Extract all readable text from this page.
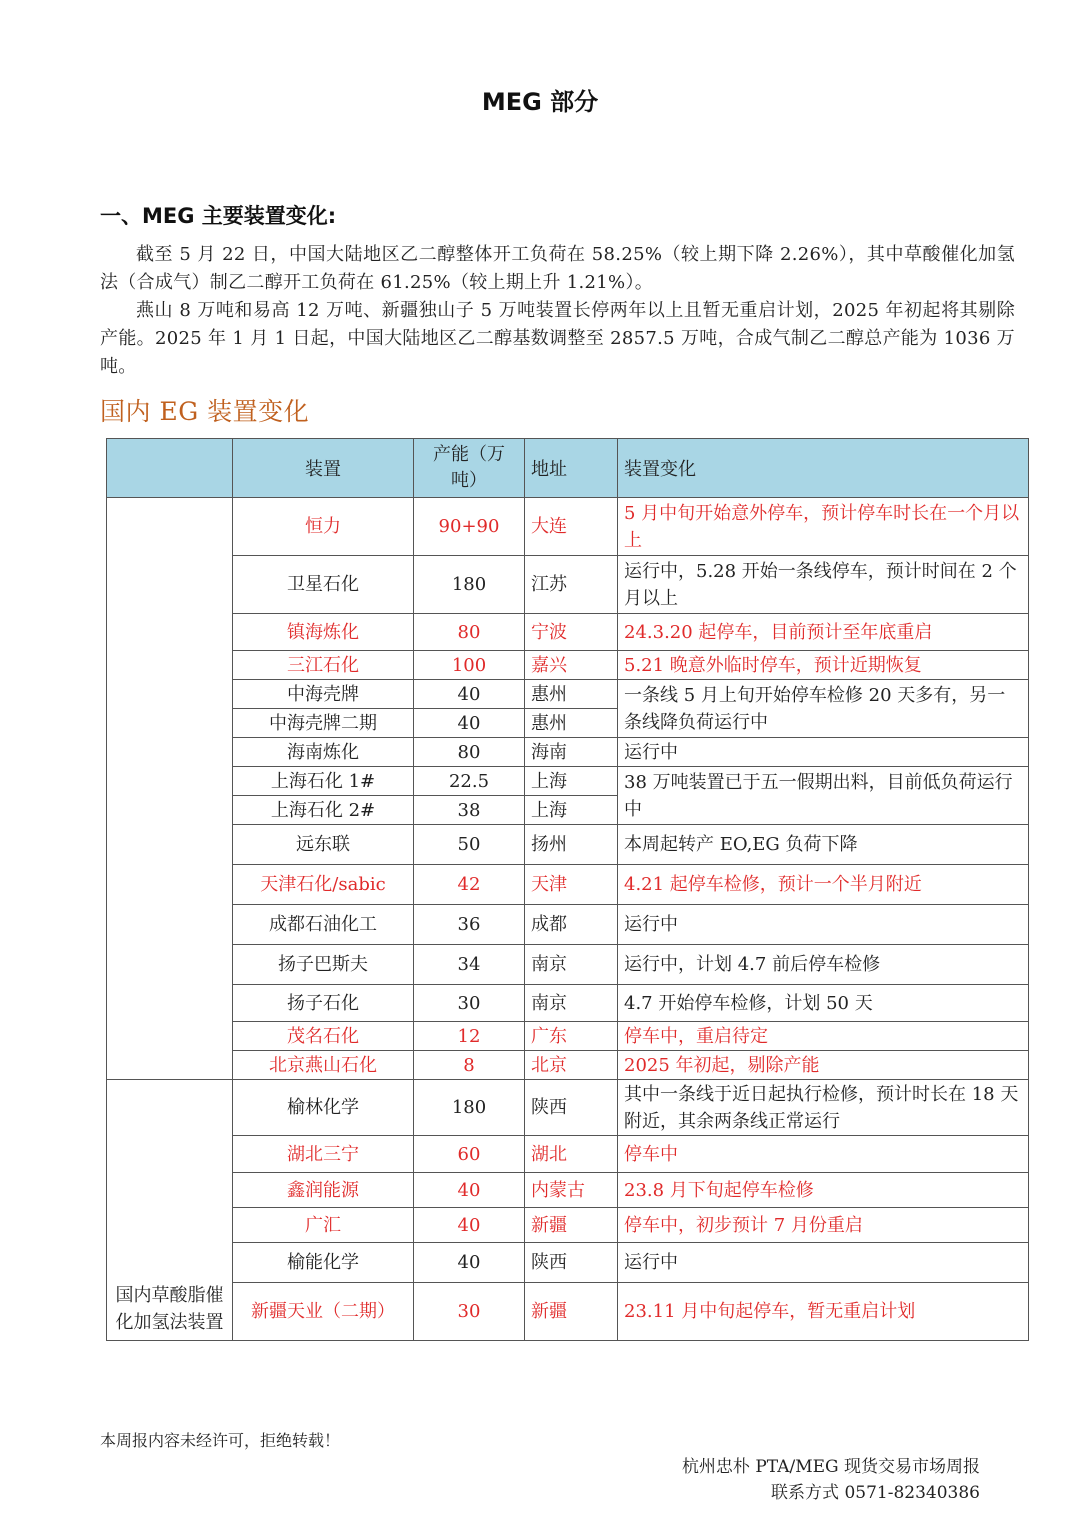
MEG 部分
一、MEG 主要装置变化:
截至 5 月 22 日，中国大陆地区乙二醇整体开工负荷在 58.25%（较上期下降 2.26%），其中草酸催化加氢法（合成气）制乙二醇开工负荷在 61.25%（较上期上升 1.21%）。
燕山 8 万吨和易高 12 万吨、新疆独山子 5 万吨装置长停两年以上且暂无重启计划，2025 年初起将其剔除产能。2025 年 1 月 1 日起，中国大陆地区乙二醇基数调整至 2857.5 万吨，合成气制乙二醇总产能为 1036 万吨。
国内 EG 装置变化
	装置	产能（万吨）	地址	装置变化
	恒力	90+90	大连	5 月中旬开始意外停车，预计停车时长在一个月以上
	卫星石化	180	江苏	运行中，5.28 开始一条线停车，预计时间在 2 个月以上
	镇海炼化	80	宁波	24.3.20 起停车，目前预计至年底重启
	三江石化	100	嘉兴	5.21 晚意外临时停车，预计近期恢复
	中海壳牌	40	惠州	一条线 5 月上旬开始停车检修 20 天多有，另一条线降负荷运行中
	中海壳牌二期	40	惠州	
	海南炼化	80	海南	运行中
	上海石化 1#	22.5	上海	38 万吨装置已于五一假期出料，目前低负荷运行中
	上海石化 2#	38	上海	
	远东联	50	扬州	本周起转产 EO,EG 负荷下降
	天津石化/sabic	42	天津	4.21 起停车检修，预计一个半月附近
	成都石油化工	36	成都	运行中
	扬子巴斯夫	34	南京	运行中，计划 4.7 前后停车检修
	扬子石化	30	南京	4.7 开始停车检修，计划 50 天
	茂名石化	12	广东	停车中，重启待定
	北京燕山石化	8	北京	2025 年初起，剔除产能
国内草酸脂催化加氢法装置	榆林化学	180	陕西	其中一条线于近日起执行检修，预计时长在 18 天附近，其余两条线正常运行
	湖北三宁	60	湖北	停车中
	鑫润能源	40	内蒙古	23.8 月下旬起停车检修
	广汇	40	新疆	停车中，初步预计 7 月份重启
	榆能化学	40	陕西	运行中
	新疆天业（二期）	30	新疆	23.11 月中旬起停车，暂无重启计划
本周报内容未经许可，拒绝转载！
杭州忠朴 PTA/MEG 现货交易市场周报
联系方式 0571-82340386
